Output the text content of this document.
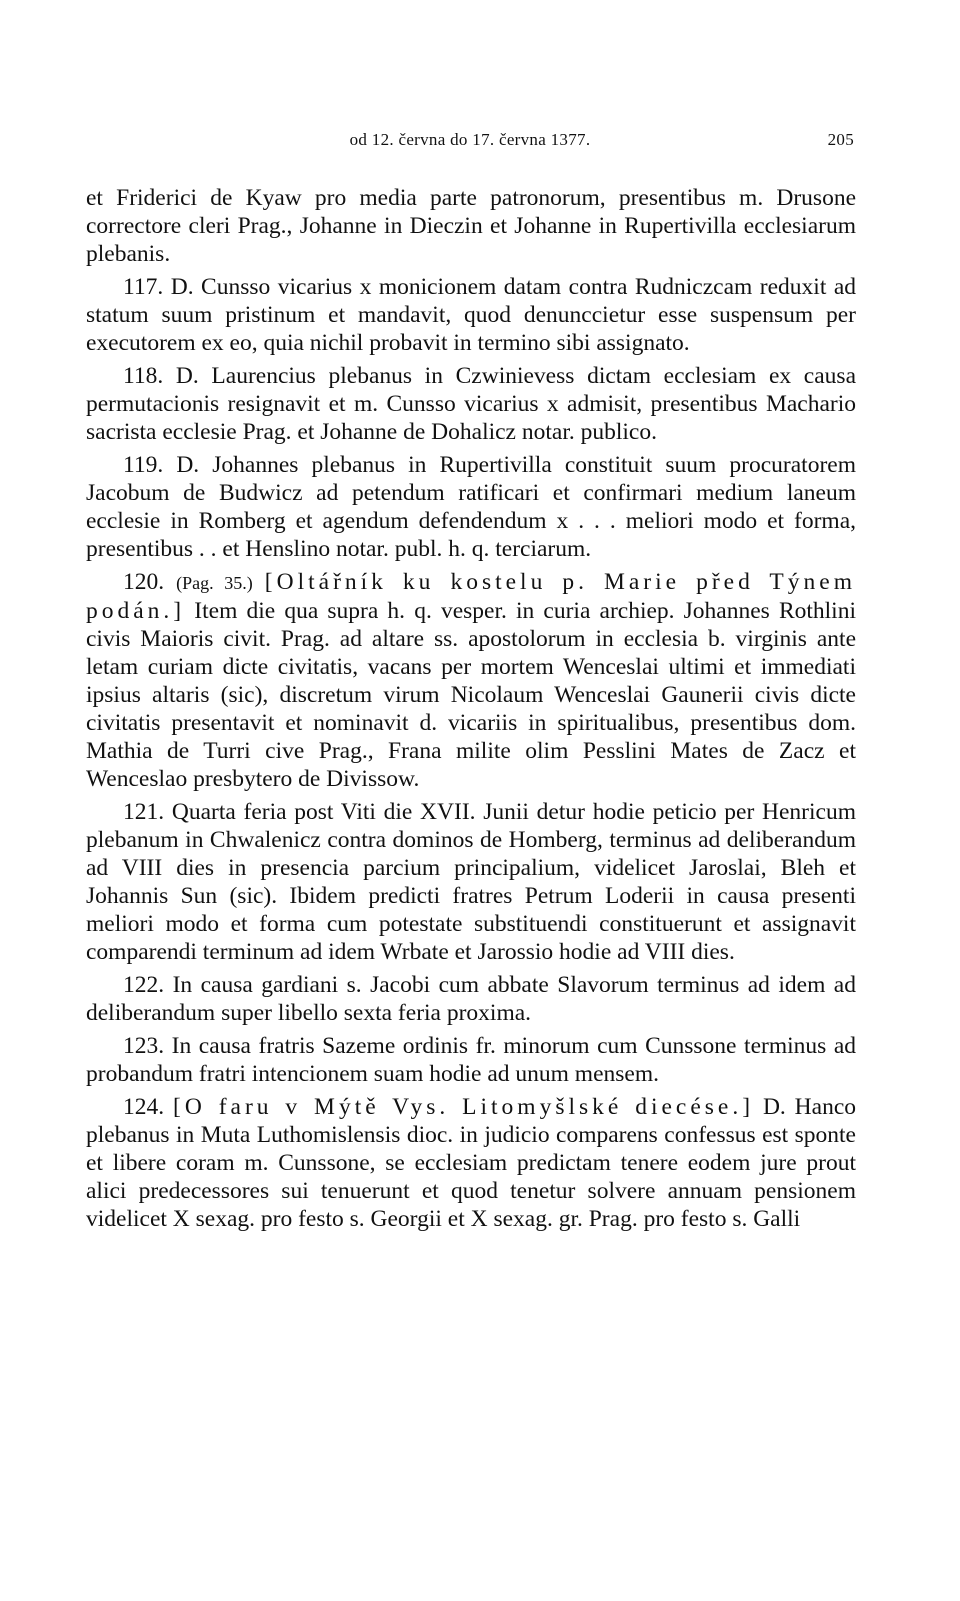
od 12. června do 17. června 1377.	205

et Friderici de Kyaw pro media parte patronorum, presentibus m. Drusone correctore cleri Prag., Johanne in Dieczin et Johanne in Rupertivilla ecclesiarum plebanis.

117. D. Cunsso vicarius x monicionem datam contra Rudniczcam reduxit ad statum suum pristinum et mandavit, quod denunccietur esse suspensum per executorem ex eo, quia nichil probavit in termino sibi assignato.

118. D. Laurencius plebanus in Czwinievess dictam ecclesiam ex causa permutacionis resignavit et m. Cunsso vicarius x admisit, presentibus Machario sacrista ecclesie Prag. et Johanne de Dohalicz notar. publico.

119. D. Johannes plebanus in Rupertivilla constituit suum procuratorem Jacobum de Budwicz ad petendum ratificari et confirmari medium laneum ecclesie in Romberg et agendum defendendum x . . . meliori modo et forma, presentibus . . et Henslino notar. publ. h. q. terciarum.

120. (Pag. 35.) [Oltářník ku kostelu p. Marie před Týnem podán.] Item die qua supra h. q. vesper. in curia archiep. Johannes Rothlini civis Maioris civit. Prag. ad altare ss. apostolorum in ecclesia b. virginis ante letam curiam dicte civitatis, vacans per mortem Wenceslai ultimi et immediati ipsius altaris (sic), discretum virum Nicolaum Wenceslai Gaunerii civis dicte civitatis presentavit et nominavit d. vicariis in spiritualibus, presentibus dom. Mathia de Turri cive Prag., Frana milite olim Pesslini Mates de Zacz et Wenceslao presbytero de Divissow.

121. Quarta feria post Viti die XVII. Junii detur hodie peticio per Henricum plebanum in Chwalenicz contra dominos de Homberg, terminus ad deliberandum ad VIII dies in presencia parcium principalium, videlicet Jaroslai, Bleh et Johannis Sun (sic). Ibidem predicti fratres Petrum Loderii in causa presenti meliori modo et forma cum potestate substituendi constituerunt et assignavit comparendi terminum ad idem Wrbate et Jarossio hodie ad VIII dies.

122. In causa gardiani s. Jacobi cum abbate Slavorum terminus ad idem ad deliberandum super libello sexta feria proxima.

123. In causa fratris Sazeme ordinis fr. minorum cum Cunssone terminus ad probandum fratri intencionem suam hodie ad unum mensem.

124. [O faru v Mýtě Vys. Litomyšlské diecése.] D. Hanco plebanus in Muta Luthomislensis dioc. in judicio comparens confessus est sponte et libere coram m. Cunssone, se ecclesiam predictam tenere eodem jure prout alici predecessores sui tenuerunt et quod tenetur solvere annuam pensionem videlicet X sexag. pro festo s. Georgii et X sexag. gr. Prag. pro festo s. Galli
